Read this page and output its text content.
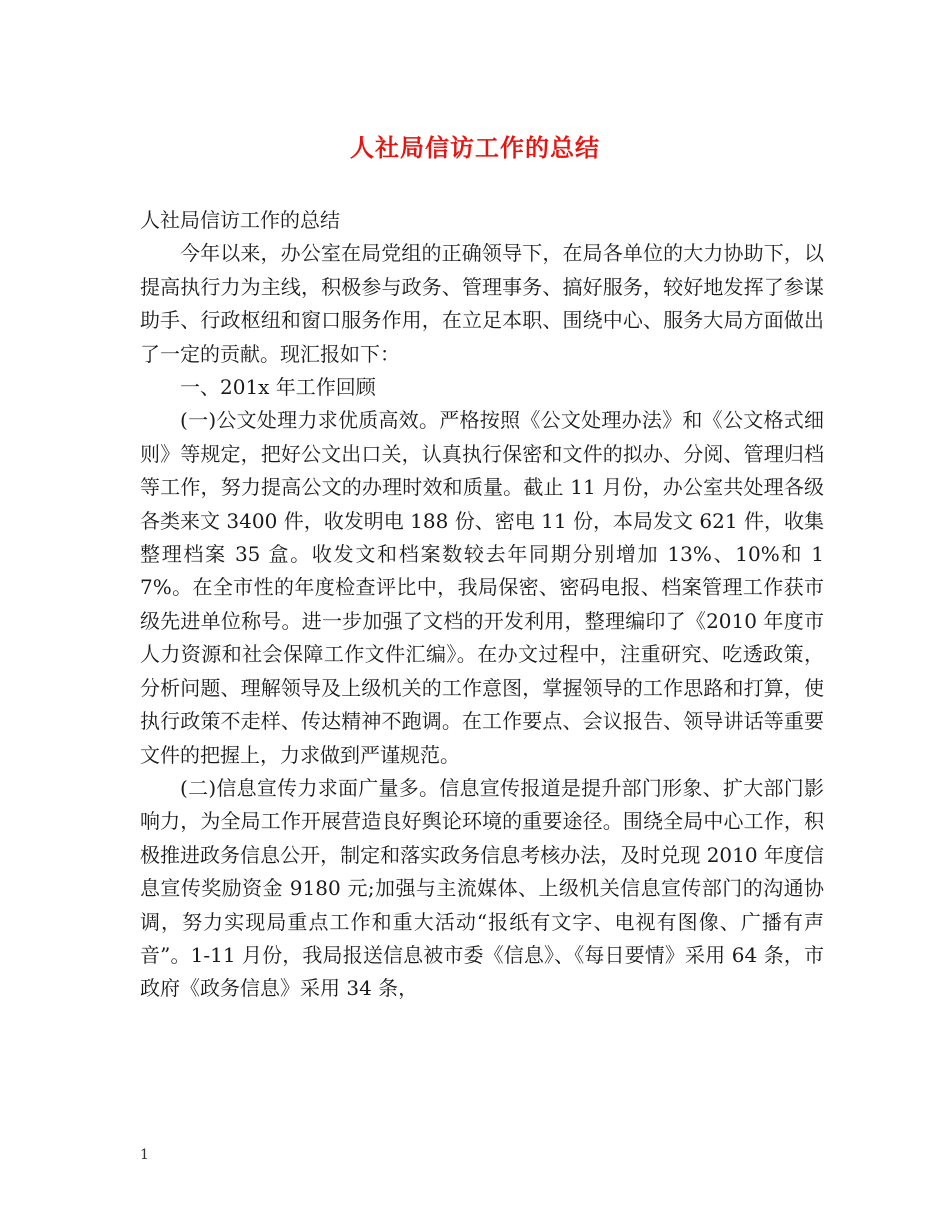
人社局信访工作的总结

人社局信访工作的总结

今年以来，办公室在局党组的正确领导下，在局各单位的大力协助下，以提高执行力为主线，积极参与政务、管理事务、搞好服务，较好地发挥了参谋助手、行政枢纽和窗口服务作用，在立足本职、围绕中心、服务大局方面做出了一定的贡献。现汇报如下：

一、201x 年工作回顾

(一)公文处理力求优质高效。严格按照《公文处理办法》和《公文格式细则》等规定，把好公文出口关，认真执行保密和文件的拟办、分阅、管理归档等工作，努力提高公文的办理时效和质量。截止 11 月份，办公室共处理各级各类来文 3400 件，收发明电 188 份、密电 11 份，本局发文 621 件，收集整理档案 35 盒。收发文和档案数较去年同期分别增加 13%、10%和 17%。在全市性的年度检查评比中，我局保密、密码电报、档案管理工作获市级先进单位称号。进一步加强了文档的开发利用，整理编印了《2010 年度市人力资源和社会保障工作文件汇编》。在办文过程中，注重研究、吃透政策，分析问题、理解领导及上级机关的工作意图，掌握领导的工作思路和打算，使执行政策不走样、传达精神不跑调。在工作要点、会议报告、领导讲话等重要文件的把握上，力求做到严谨规范。

(二)信息宣传力求面广量多。信息宣传报道是提升部门形象、扩大部门影响力，为全局工作开展营造良好舆论环境的重要途径。围绕全局中心工作，积极推进政务信息公开，制定和落实政务信息考核办法，及时兑现 2010 年度信息宣传奖励资金 9180 元;加强与主流媒体、上级机关信息宣传部门的沟通协调，努力实现局重点工作和重大活动“报纸有文字、电视有图像、广播有声音”。1-11 月份，我局报送信息被市委《信息》、《每日要情》采用 64 条，市政府《政务信息》采用 34 条，

1
